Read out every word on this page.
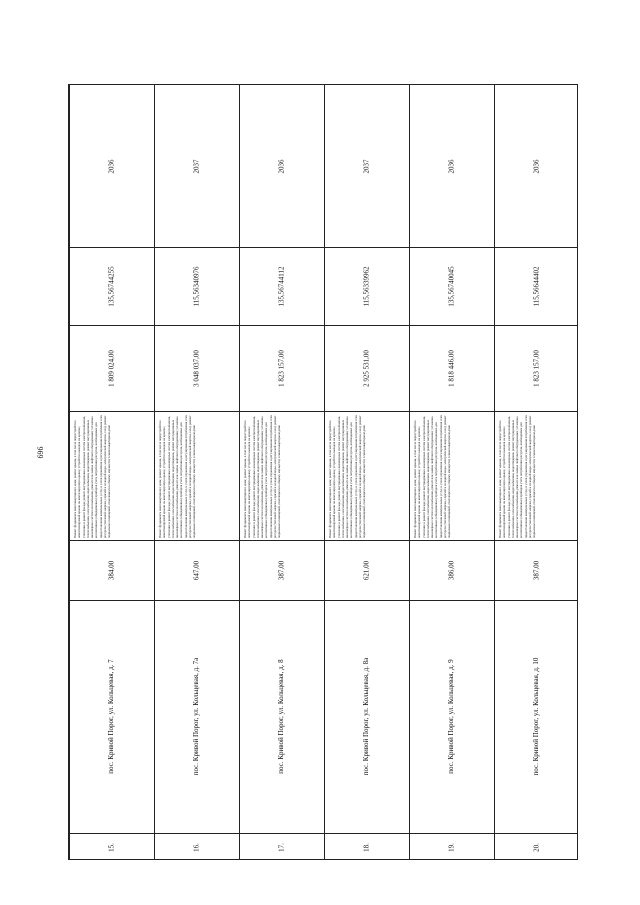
969
2036
135,56744255
1 809 024,00
384,00
пос. Кривой Порог, ул. Кольцевая, д. 7
15.
Ремонт фундамента многоквартирного дома; ремонт крыши, в том числе переустройство невентилируемой крыши на вентилируемую крышу, устройство выходов на кровлю; утепление и ремонт фасада; ремонт внутридомовых инженерных систем электроснабжения, теплоснабжения, газоснабжения, водоснабжения, водоотведения, ремонт внутридомовых инженерных систем газоснабжения, ремонт или замена лифтового оборудования; установка коллективных (общедомовых) приборов учета потребления ресурсов, необходимых для предоставления коммунальных услуг, и узлов управления и регулирования потребления этих ресурсов (тепловой энергии, горячей и холодной воды, электрической энергии, газа); ремонт подвальных помещений, относящихся к общему имуществу в многоквартирном доме
2037
115,56340976
3 048 037,00
647,00
пос. Кривой Порог, ул. Кольцевая, д. 7а
16.
Ремонт фундамента многоквартирного дома; ремонт крыши, в том числе переустройство невентилируемой крыши на вентилируемую крышу, устройство выходов на кровлю; утепление и ремонт фасада; ремонт внутридомовых инженерных систем электроснабжения, теплоснабжения, газоснабжения, водоснабжения, водоотведения, ремонт внутридомовых инженерных систем газоснабжения, ремонт или замена лифтового оборудования; установка коллективных (общедомовых) приборов учета потребления ресурсов, необходимых для предоставления коммунальных услуг, и узлов управления и регулирования потребления этих ресурсов (тепловой энергии, горячей и холодной воды, электрической энергии, газа); ремонт подвальных помещений, относящихся к общему имуществу в многоквартирном доме
2036
135,56744112
1 823 157,00
387,00
пос. Кривой Порог, ул. Кольцевая, д. 8
17.
Ремонт фундамента многоквартирного дома; ремонт крыши, в том числе переустройство невентилируемой крыши на вентилируемую крышу, устройство выходов на кровлю; утепление и ремонт фасада; ремонт внутридомовых инженерных систем электроснабжения, теплоснабжения, газоснабжения, водоснабжения, водоотведения, ремонт внутридомовых инженерных систем газоснабжения, ремонт или замена лифтового оборудования; установка коллективных (общедомовых) приборов учета потребления ресурсов, необходимых для предоставления коммунальных услуг, и узлов управления и регулирования потребления этих ресурсов (тепловой энергии, горячей и холодной воды, электрической энергии, газа); ремонт подвальных помещений, относящихся к общему имуществу в многоквартирном доме
2037
115,56339962
2 925 531,00
621,00
пос. Кривой Порог, ул. Кольцевая, д. 8а
18.
Ремонт фундамента многоквартирного дома; ремонт крыши, в том числе переустройство невентилируемой крыши на вентилируемую крышу, устройство выходов на кровлю; утепление и ремонт фасада; ремонт внутридомовых инженерных систем электроснабжения, теплоснабжения, газоснабжения, водоснабжения, водоотведения, ремонт внутридомовых инженерных систем газоснабжения, ремонт или замена лифтового оборудования; установка коллективных (общедомовых) приборов учета потребления ресурсов, необходимых для предоставления коммунальных услуг, и узлов управления и регулирования потребления этих ресурсов (тепловой энергии, горячей и холодной воды, электрической энергии, газа); ремонт подвальных помещений, относящихся к общему имуществу в многоквартирном доме
2036
135,56740045
1 818 446,00
386,00
пос. Кривой Порог, ул. Кольцевая, д. 9
19.
Ремонт фундамента многоквартирного дома; ремонт крыши, в том числе переустройство невентилируемой крыши на вентилируемую крышу, устройство выходов на кровлю; утепление и ремонт фасада; ремонт внутридомовых инженерных систем электроснабжения, теплоснабжения, газоснабжения, водоснабжения, водоотведения, ремонт внутридомовых инженерных систем газоснабжения, ремонт или замена лифтового оборудования; установка коллективных (общедомовых) приборов учета потребления ресурсов, необходимых для предоставления коммунальных услуг, и узлов управления и регулирования потребления этих ресурсов (тепловой энергии, горячей и холодной воды, электрической энергии, газа); ремонт подвальных помещений, относящихся к общему имуществу в многоквартирном доме
2036
115,56644402
1 823 157,00
387,00
пос. Кривой Порог, ул. Кольцевая, д. 10
20.
Ремонт фундамента многоквартирного дома; ремонт крыши, в том числе переустройство невентилируемой крыши на вентилируемую крышу, устройство выходов на кровлю; утепление и ремонт фасада; ремонт внутридомовых инженерных систем электроснабжения, теплоснабжения, газоснабжения, водоснабжения, водоотведения, ремонт внутридомовых инженерных систем газоснабжения, ремонт или замена лифтового оборудования; установка коллективных (общедомовых) приборов учета потребления ресурсов, необходимых для предоставления коммунальных услуг, и узлов управления и регулирования потребления этих ресурсов (тепловой энергии, горячей и холодной воды, электрической энергии, газа); ремонт подвальных помещений, относящихся к общему имуществу в многоквартирном доме
